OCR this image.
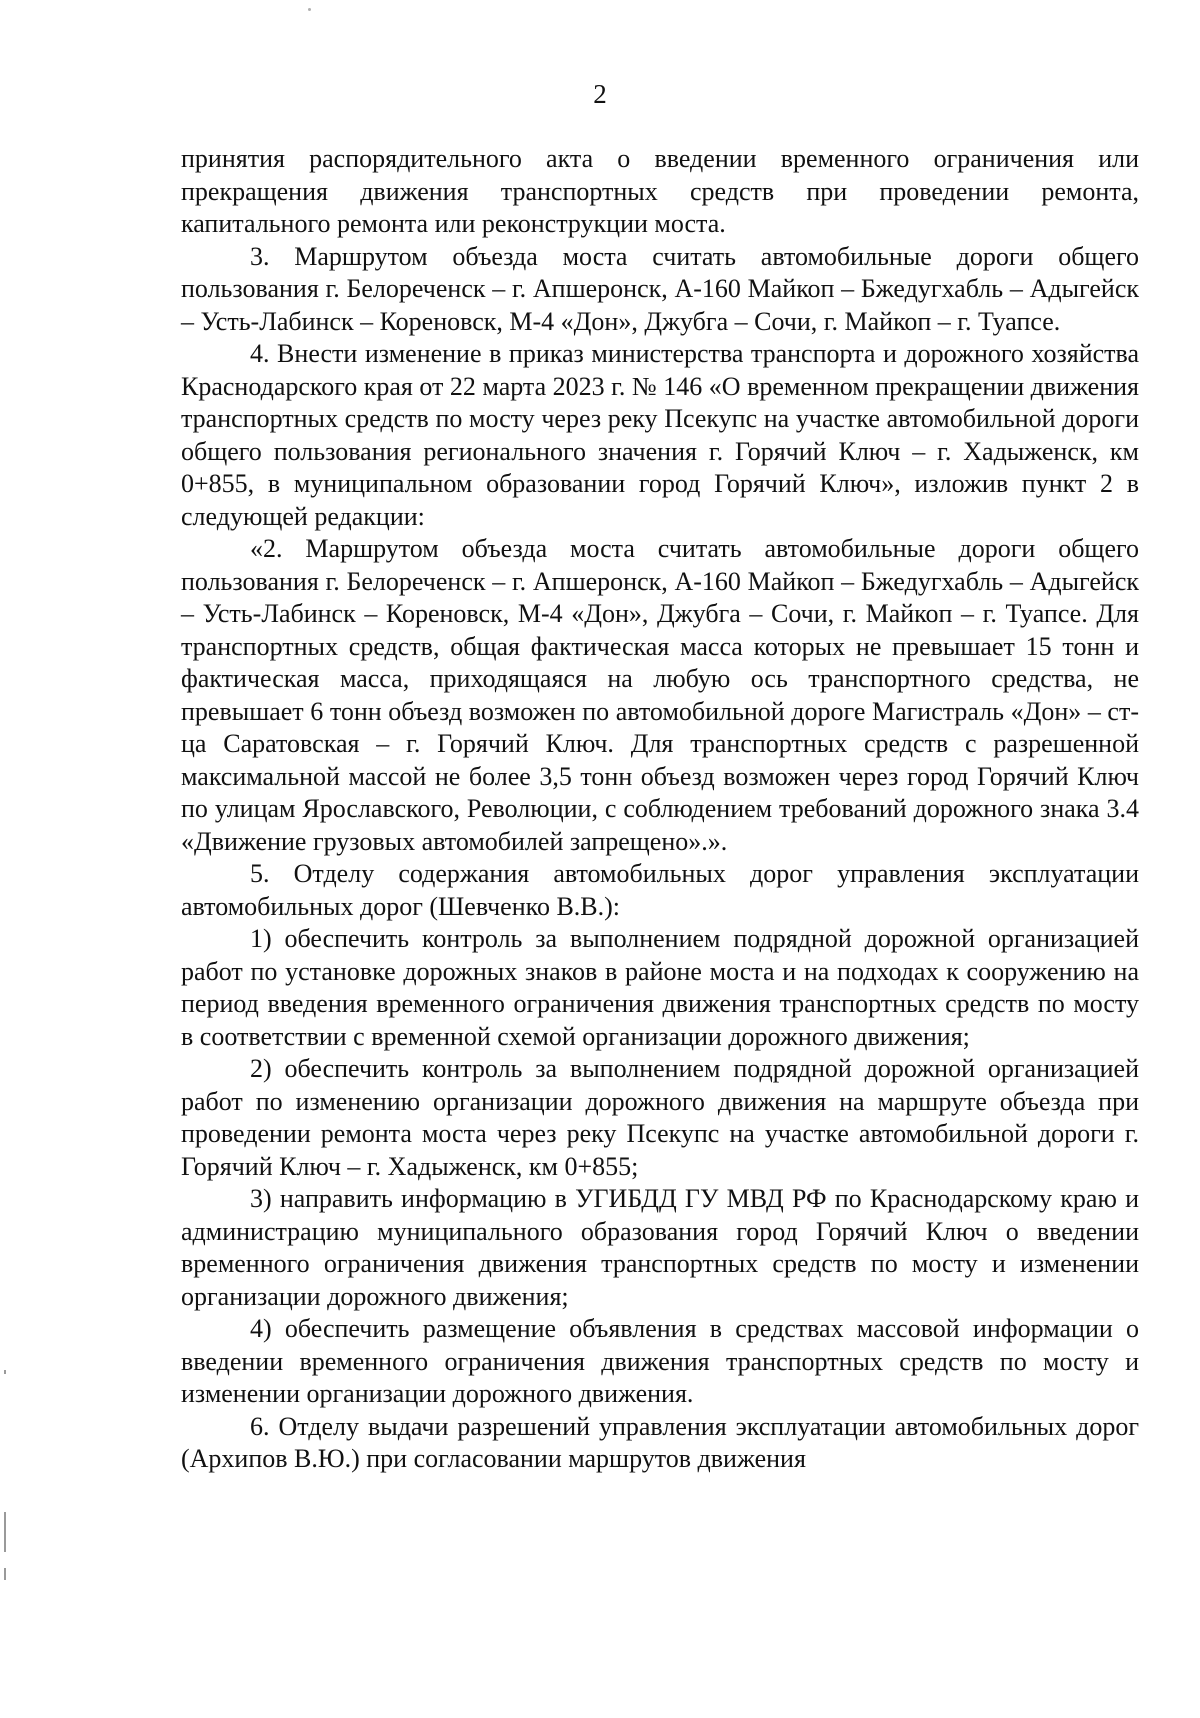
2

принятия распорядительного акта о введении временного ограничения или прекращения движения транспортных средств при проведении ремонта, капитального ремонта или реконструкции моста.

3. Маршрутом объезда моста считать автомобильные дороги общего пользования г. Белореченск – г. Апшеронск, А-160 Майкоп – Бжедугхабль – Адыгейск – Усть-Лабинск – Кореновск, М-4 «Дон», Джубга – Сочи, г. Майкоп – г. Туапсе.

4. Внести изменение в приказ министерства транспорта и дорожного хозяйства Краснодарского края от 22 марта 2023 г. № 146 «О временном прекращении движения транспортных средств по мосту через реку Псекупс на участке автомобильной дороги общего пользования регионального значения г. Горячий Ключ – г. Хадыженск, км 0+855, в муниципальном образовании город Горячий Ключ», изложив пункт 2 в следующей редакции:

«2. Маршрутом объезда моста считать автомобильные дороги общего пользования г. Белореченск – г. Апшеронск, А-160 Майкоп – Бжедугхабль – Адыгейск – Усть-Лабинск – Кореновск, М-4 «Дон», Джубга – Сочи, г. Майкоп – г. Туапсе. Для транспортных средств, общая фактическая масса которых не превышает 15 тонн и фактическая масса, приходящаяся на любую ось транспортного средства, не превышает 6 тонн объезд возможен по автомобильной дороге Магистраль «Дон» – ст-ца Саратовская – г. Горячий Ключ. Для транспортных средств с разрешенной максимальной массой не более 3,5 тонн объезд возможен через город Горячий Ключ по улицам Ярославского, Революции, с соблюдением требований дорожного знака 3.4 «Движение грузовых автомобилей запрещено».».

5. Отделу содержания автомобильных дорог управления эксплуатации автомобильных дорог (Шевченко В.В.):

1) обеспечить контроль за выполнением подрядной дорожной организацией работ по установке дорожных знаков в районе моста и на подходах к сооружению на период введения временного ограничения движения транспортных средств по мосту в соответствии с временной схемой организации дорожного движения;

2) обеспечить контроль за выполнением подрядной дорожной организацией работ по изменению организации дорожного движения на маршруте объезда при проведении ремонта моста через реку Псекупс на участке автомобильной дороги г. Горячий Ключ – г. Хадыженск, км 0+855;

3) направить информацию в УГИБДД ГУ МВД РФ по Краснодарскому краю и администрацию муниципального образования город Горячий Ключ о введении временного ограничения движения транспортных средств по мосту и изменении организации дорожного движения;

4) обеспечить размещение объявления в средствах массовой информации о введении временного ограничения движения транспортных средств по мосту и изменении организации дорожного движения.

6. Отделу выдачи разрешений управления эксплуатации автомобильных дорог (Архипов В.Ю.) при согласовании маршрутов движения
